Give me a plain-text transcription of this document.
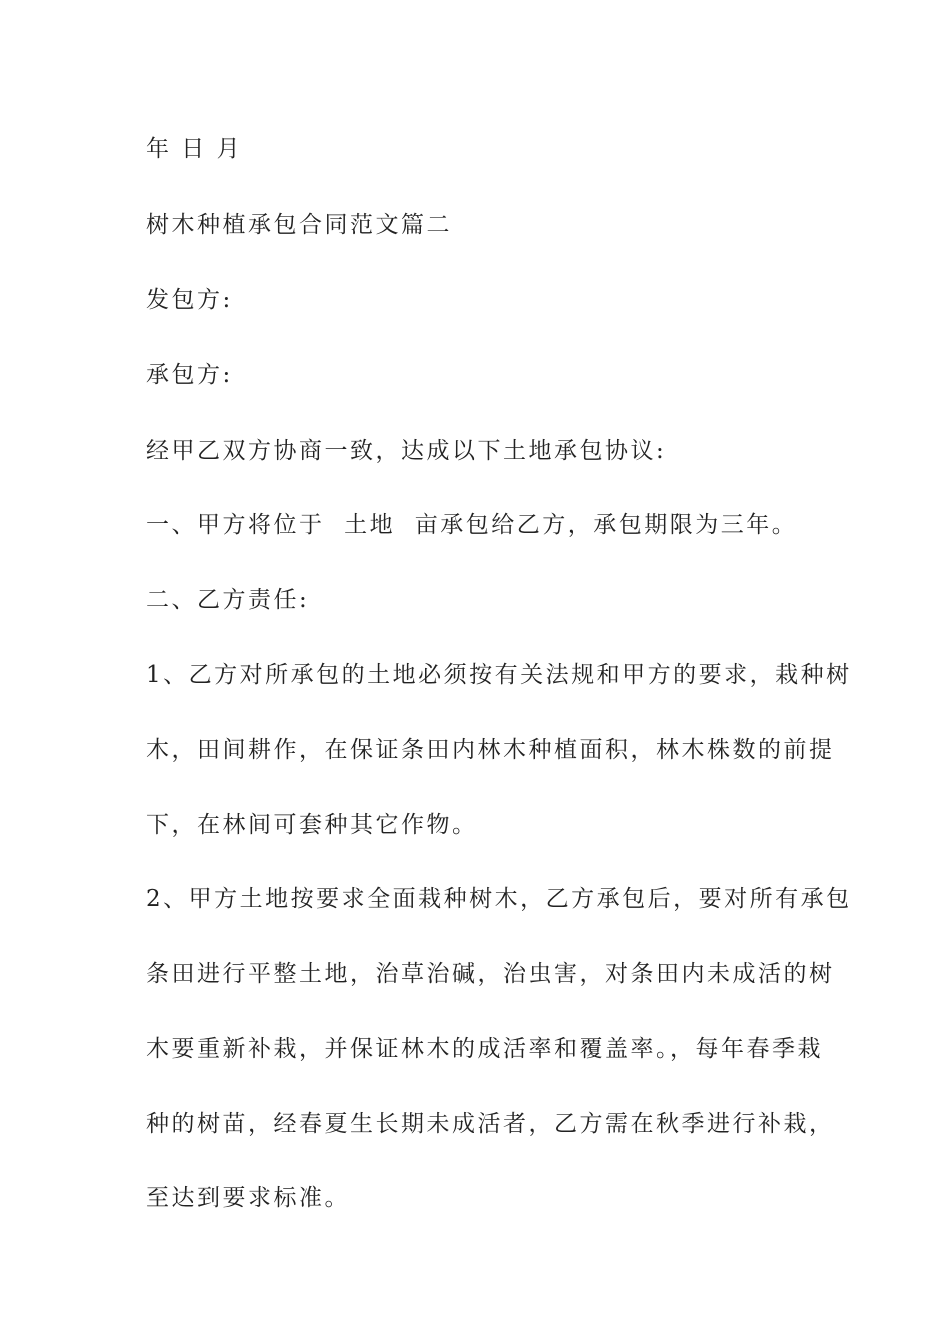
年 日 月
树木种植承包合同范文篇二
发包方:
承包方:
经甲乙双方协商一致，达成以下土地承包协议:
一、甲方将位于  土地  亩承包给乙方，承包期限为三年。
二、乙方责任:
1、乙方对所承包的土地必须按有关法规和甲方的要求，栽种树
木，田间耕作，在保证条田内林木种植面积，林木株数的前提
下，在林间可套种其它作物。
2、甲方土地按要求全面栽种树木，乙方承包后，要对所有承包
条田进行平整土地，治草治碱，治虫害，对条田内未成活的树
木要重新补栽，并保证林木的成活率和覆盖率。，每年春季栽
种的树苗，经春夏生长期未成活者，乙方需在秋季进行补栽，
至达到要求标准。
